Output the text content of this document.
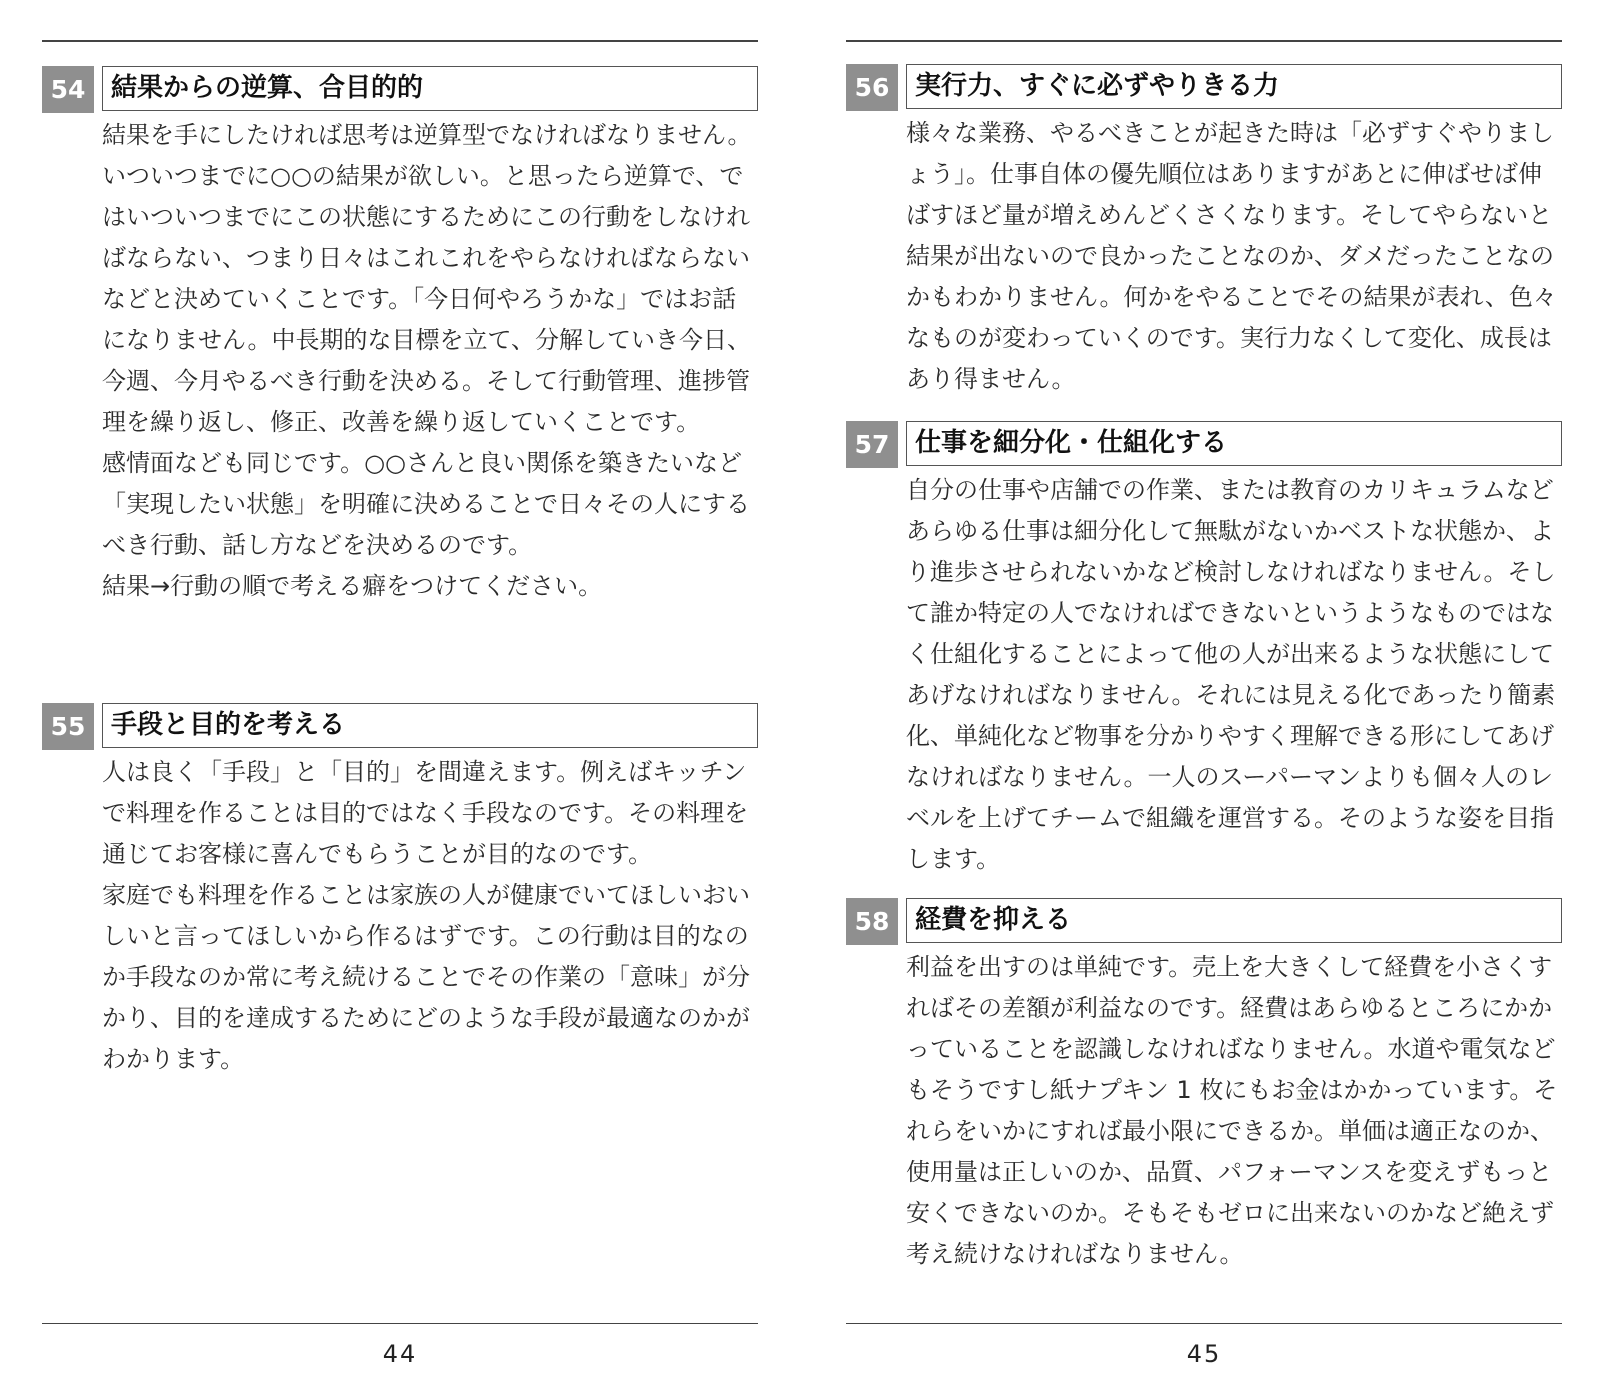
54 結果からの逆算、合目的的

結果を手にしたければ思考は逆算型でなければなりません。

いついつまでに○○の結果が欲しい。と思ったら逆算で、ではいついつまでにこの状態にするためにこの行動をしなければならない、つまり日々はこれこれをやらなければならないなどと決めていくことです。「今日何やろうかな」ではお話になりません。中長期的な目標を立て、分解していき今日、今週、今月やるべき行動を決める。そして行動管理、進捗管理を繰り返し、修正、改善を繰り返していくことです。

感情面なども同じです。○○さんと良い関係を築きたいなど「実現したい状態」を明確に決めることで日々その人にするべき行動、話し方などを決めるのです。

結果→行動の順で考える癖をつけてください。

55 手段と目的を考える

人は良く「手段」と「目的」を間違えます。例えばキッチンで料理を作ることは目的ではなく手段なのです。その料理を通じてお客様に喜んでもらうことが目的なのです。

家庭でも料理を作ることは家族の人が健康でいてほしいおいしいと言ってほしいから作るはずです。この行動は目的なのか手段なのか常に考え続けることでその作業の「意味」が分かり、目的を達成するためにどのような手段が最適なのかがわかります。

44
56 実行力、すぐに必ずやりきる力

様々な業務、やるべきことが起きた時は「必ずすぐやりましょう」。仕事自体の優先順位はありますがあとに伸ばせば伸ばすほど量が増えめんどくさくなります。そしてやらないと結果が出ないので良かったことなのか、ダメだったことなのかもわかりません。何かをやることでその結果が表れ、色々なものが変わっていくのです。実行力なくして変化、成長はあり得ません。

57 仕事を細分化・仕組化する

自分の仕事や店舗での作業、または教育のカリキュラムなどあらゆる仕事は細分化して無駄がないかベストな状態か、より進歩させられないかなど検討しなければなりません。そして誰か特定の人でなければできないというようなものではなく仕組化することによって他の人が出来るような状態にしてあげなければなりません。それには見える化であったり簡素化、単純化など物事を分かりやすく理解できる形にしてあげなければなりません。一人のスーパーマンよりも個々人のレベルを上げてチームで組織を運営する。そのような姿を目指します。

58 経費を抑える

利益を出すのは単純です。売上を大きくして経費を小さくすればその差額が利益なのです。経費はあらゆるところにかかっていることを認識しなければなりません。水道や電気などもそうですし紙ナプキン 1 枚にもお金はかかっています。それらをいかにすれば最小限にできるか。単価は適正なのか、使用量は正しいのか、品質、パフォーマンスを変えずもっと安くできないのか。そもそもゼロに出来ないのかなど絶えず考え続けなければなりません。

45
